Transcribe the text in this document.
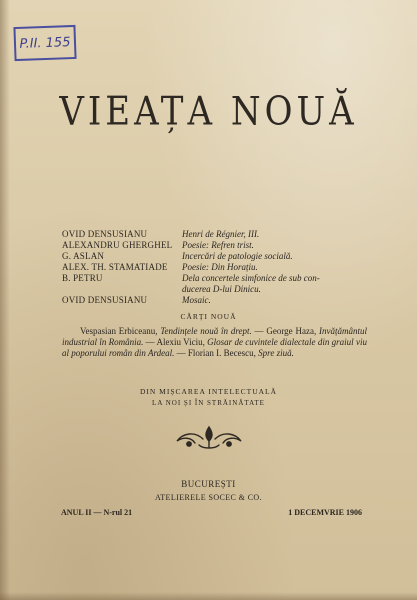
P.II. 155
VIEAȚA NOUĂ
OVID DENSUSIANU	Henri de Régnier, III.
ALEXANDRU GHERGHEL	Poesie: Refren trist.
G. ASLAN	Incercări de patologie socială.
ALEX. TH. STAMATIADE	Poesie: Din Horațiu.
B. PETRU	Dela concertele simfonice de sub con-
ducerea D-lui Dinicu.
OVID DENSUSIANU	Mosaic.
CĂRȚI NOUĂ
Vespasian Erbiceanu, Tendințele nouă în drept. — George Haza, Invățământul industrial în România. — Alexiu Viciu, Glosar de cuvintele dialectale din graiul viu al poporului român din Ardeal. — Florian I. Becescu, Spre ziuă.
DIN MIȘCAREA INTELECTUALĂ
LA NOI ȘI ÎN STRĂINĂTATE
BUCUREȘTI
ATELIERELE SOCEC & CO.
ANUL II — N-rul 21	1 DECEMVRIE 1906
